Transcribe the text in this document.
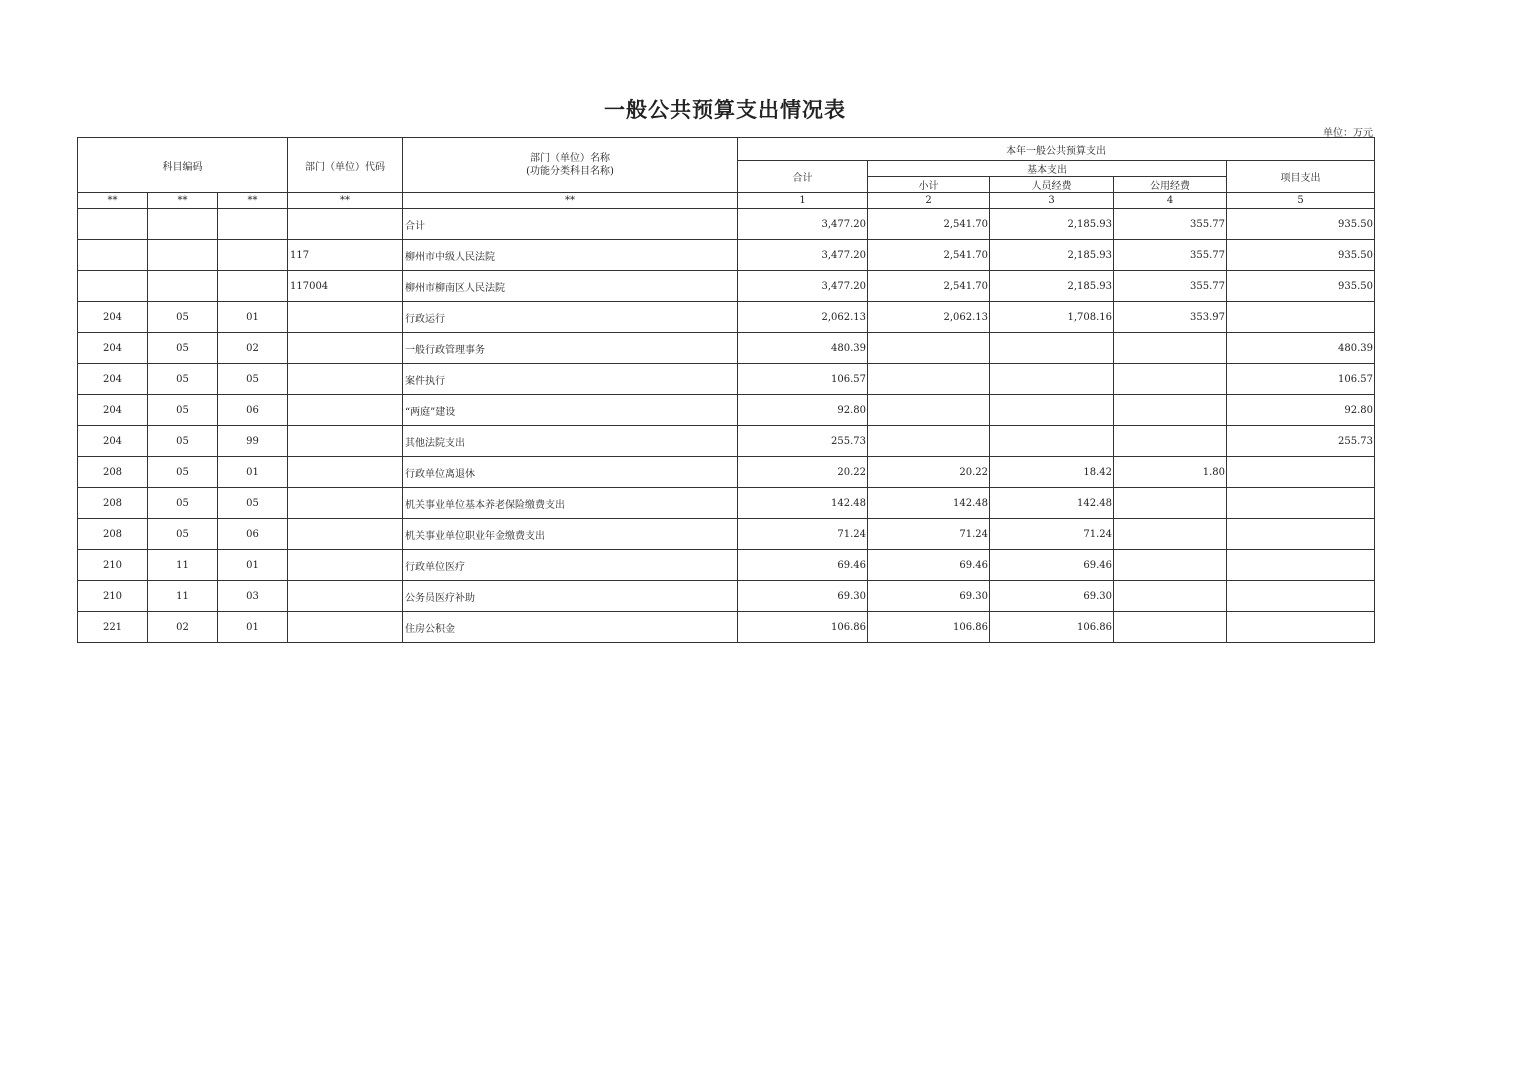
一般公共预算支出情况表
单位：万元
科目编码			部门（单位）代码	部门（单位）名称
(功能分类科目名称)	本年一般公共预算支出				
					合计	基本支出			项目支出
						小计	人员经费	公用经费	
**	**	**	**	**	1	2	3	4	5
				合计	3,477.20	2,541.70	2,185.93	355.77	935.50
			117	柳州市中级人民法院	3,477.20	2,541.70	2,185.93	355.77	935.50
			117004	柳州市柳南区人民法院	3,477.20	2,541.70	2,185.93	355.77	935.50
204	05	01		行政运行	2,062.13	2,062.13	1,708.16	353.97	
204	05	02		一般行政管理事务	480.39				480.39
204	05	05		案件执行	106.57				106.57
204	05	06		“两庭”建设	92.80				92.80
204	05	99		其他法院支出	255.73				255.73
208	05	01		行政单位离退休	20.22	20.22	18.42	1.80	
208	05	05		机关事业单位基本养老保险缴费支出	142.48	142.48	142.48		
208	05	06		机关事业单位职业年金缴费支出	71.24	71.24	71.24		
210	11	01		行政单位医疗	69.46	69.46	69.46		
210	11	03		公务员医疗补助	69.30	69.30	69.30		
221	02	01		住房公积金	106.86	106.86	106.86		
